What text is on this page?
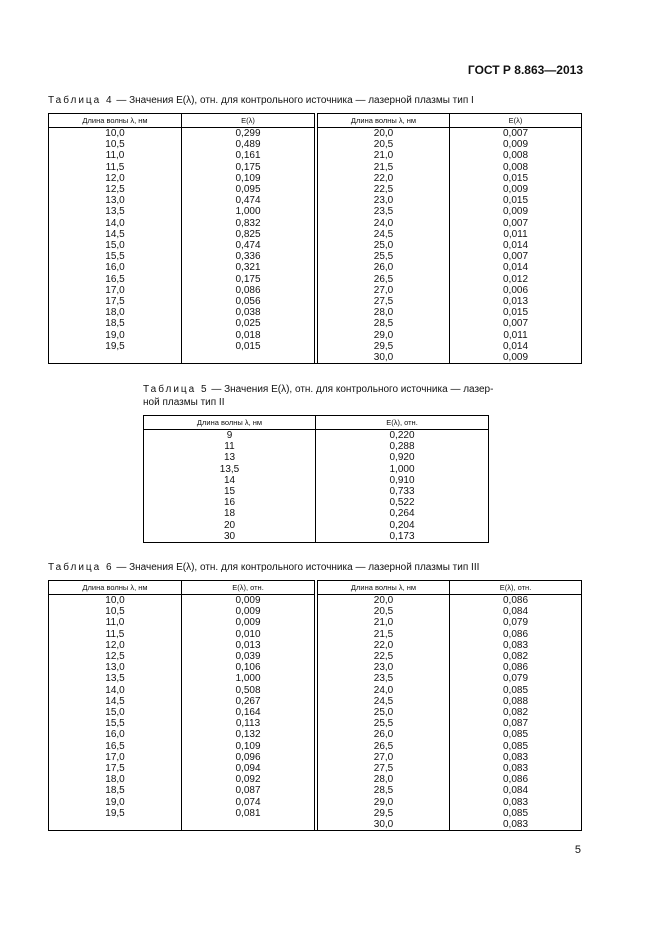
ГОСТ Р 8.863—2013
Таблица 4 — Значения E(λ), отн. для контрольного источника — лазерной плазмы тип I
Длина волны λ, нм	E(λ)		Длина волны λ, нм	E(λ)
10,0	0,299		20,0	0,007
10,5	0,489		20,5	0,009
11,0	0,161		21,0	0,008
11,5	0,175		21,5	0,008
12,0	0,109		22,0	0,015
12,5	0,095		22,5	0,009
13,0	0,474		23,0	0,015
13,5	1,000		23,5	0,009
14,0	0,832		24,0	0,007
14,5	0,825		24,5	0,011
15,0	0,474		25,0	0,014
15,5	0,336		25,5	0,007
16,0	0,321		26,0	0,014
16,5	0,175		26,5	0,012
17,0	0,086		27,0	0,006
17,5	0,056		27,5	0,013
18,0	0,038		28,0	0,015
18,5	0,025		28,5	0,007
19,0	0,018		29,0	0,011
19,5	0,015		29,5	0,014
			30,0	0,009
Таблица 5 — Значения E(λ), отн. для контрольного источника — лазер-
ной плазмы тип II
Длина волны λ, нм	E(λ), отн.
9	0,220
11	0,288
13	0,920
13,5	1,000
14	0,910
15	0,733
16	0,522
18	0,264
20	0,204
30	0,173
Таблица 6 — Значения E(λ), отн. для контрольного источника — лазерной плазмы тип III
Длина волны λ, нм	E(λ), отн.		Длина волны λ, нм	E(λ), отн.
10,0	0,009		20,0	0,086
10,5	0,009		20,5	0,084
11,0	0,009		21,0	0,079
11,5	0,010		21,5	0,086
12,0	0,013		22,0	0,083
12,5	0,039		22,5	0,082
13,0	0,106		23,0	0,086
13,5	1,000		23,5	0,079
14,0	0,508		24,0	0,085
14,5	0,267		24,5	0,088
15,0	0,164		25,0	0,082
15,5	0,113		25,5	0,087
16,0	0,132		26,0	0,085
16,5	0,109		26,5	0,085
17,0	0,096		27,0	0,083
17,5	0,094		27,5	0,083
18,0	0,092		28,0	0,086
18,5	0,087		28,5	0,084
19,0	0,074		29,0	0,083
19,5	0,081		29,5	0,085
			30,0	0,083
5
